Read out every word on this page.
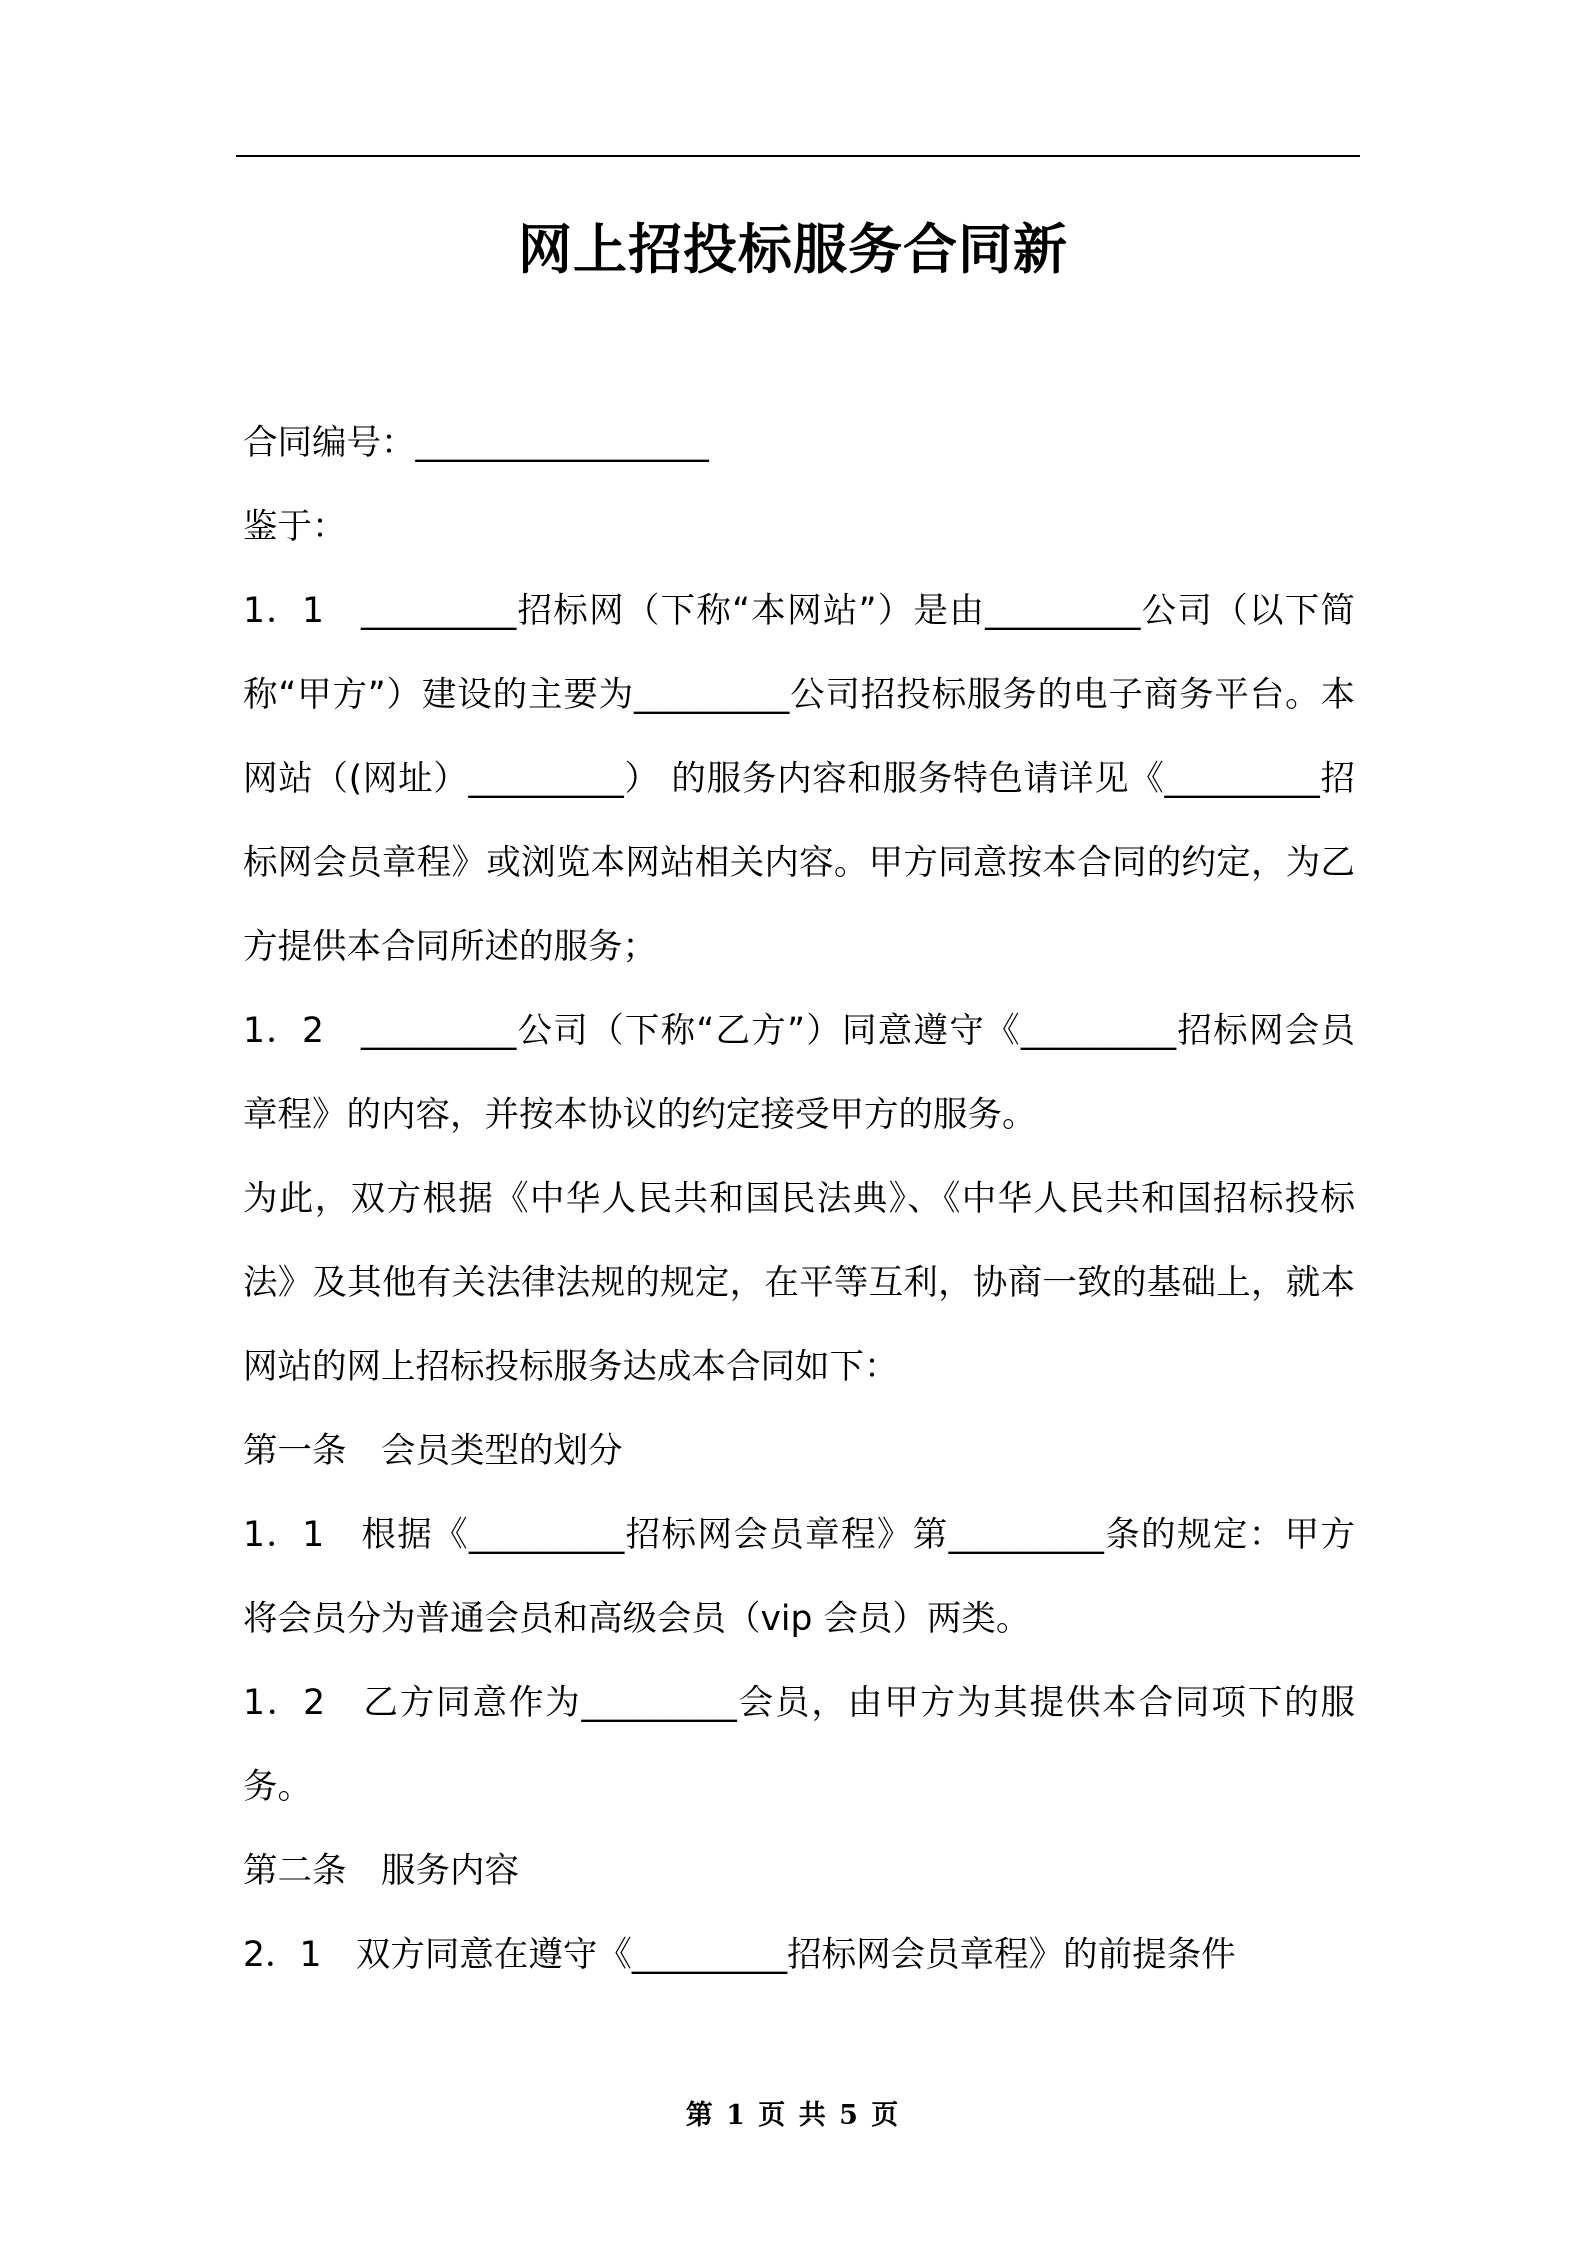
网上招投标服务合同新

合同编号：_________________

鉴于：

1．1　_________招标网（下称“本网站”）是由_________公司（以下简称“甲方”）建设的主要为_________公司招投标服务的电子商务平台。本网站（(网址）_________） 的服务内容和服务特色请详见《_________招标网会员章程》或浏览本网站相关内容。甲方同意按本合同的约定，为乙方提供本合同所述的服务；

1．2　_________公司（下称“乙方”）同意遵守《_________招标网会员章程》的内容，并按本协议的约定接受甲方的服务。

为此，双方根据《中华人民共和国民法典》、《中华人民共和国招标投标法》及其他有关法律法规的规定，在平等互利，协商一致的基础上，就本网站的网上招标投标服务达成本合同如下：

第一条　会员类型的划分

1．1　根据《_________招标网会员章程》第_________条的规定：甲方将会员分为普通会员和高级会员（vip 会员）两类。

1．2　乙方同意作为_________会员，由甲方为其提供本合同项下的服务。

第二条　服务内容

2．1　双方同意在遵守《_________招标网会员章程》的前提条件

第 1 页 共 5 页
